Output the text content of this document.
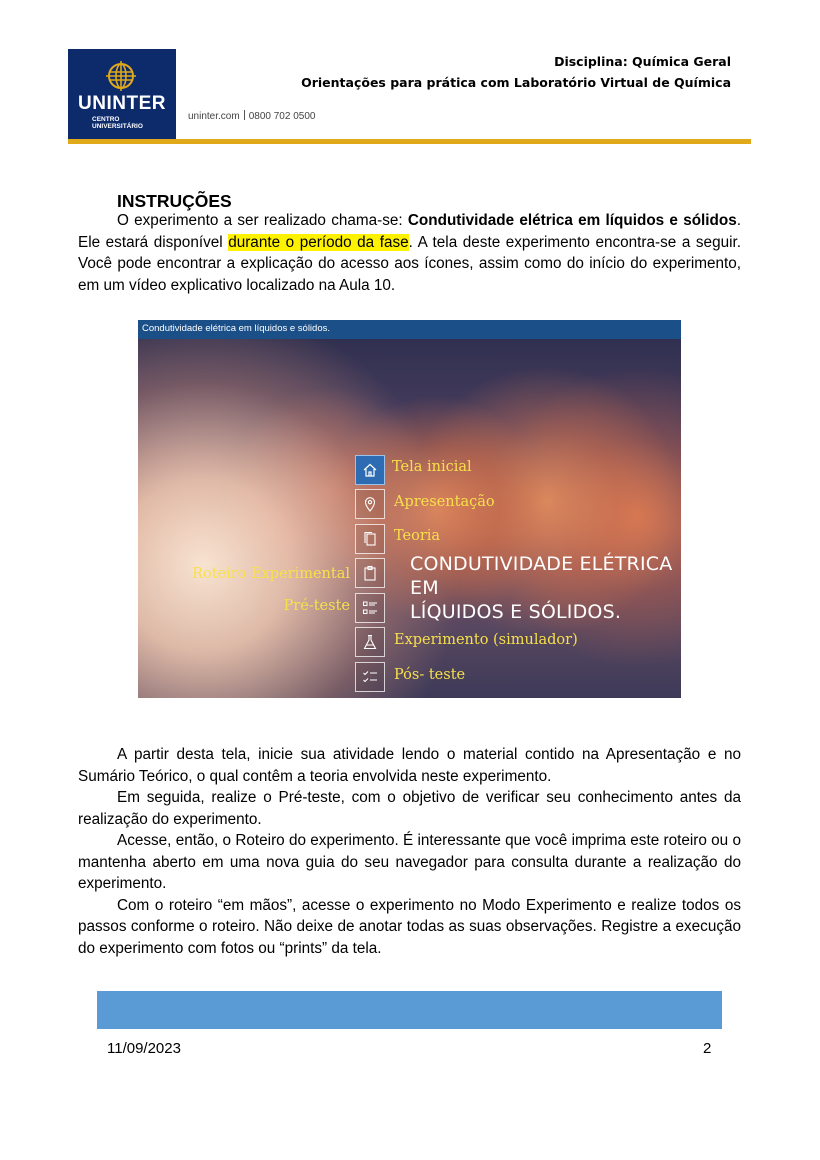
UNINTER
CENTRO
UNIVERSITÁRIO
uninter.com 0800 702 0500
Disciplina: Química Geral
Orientações para prática com Laboratório Virtual de Química
INSTRUÇÕES
O experimento a ser realizado chama-se: Condutividade elétrica em líquidos e sólidos. Ele estará disponível durante o período da fase. A tela deste experimento encontra-se a seguir. Você pode encontrar a explicação do acesso aos ícones, assim como do início do experimento, em um vídeo explicativo localizado na Aula 10.
Condutividade elétrica em líquidos e sólidos.
Tela inicial
Apresentação
Teoria
Roteiro Experimental
Pré-teste
Experimento (simulador)
Pós- teste
CONDUTIVIDADE ELÉTRICA EM
LÍQUIDOS E SÓLIDOS.
A partir desta tela, inicie sua atividade lendo o material contido na Apresentação e no Sumário Teórico, o qual contêm a teoria envolvida neste experimento.
Em seguida, realize o Pré-teste, com o objetivo de verificar seu conhecimento antes da realização do experimento.
Acesse, então, o Roteiro do experimento. É interessante que você imprima este roteiro ou o mantenha aberto em uma nova guia do seu navegador para consulta durante a realização do experimento.
Com o roteiro “em mãos”, acesse o experimento no Modo Experimento e realize todos os passos conforme o roteiro. Não deixe de anotar todas as suas observações. Registre a execução do experimento com fotos ou “prints” da tela.
11/09/2023	2
